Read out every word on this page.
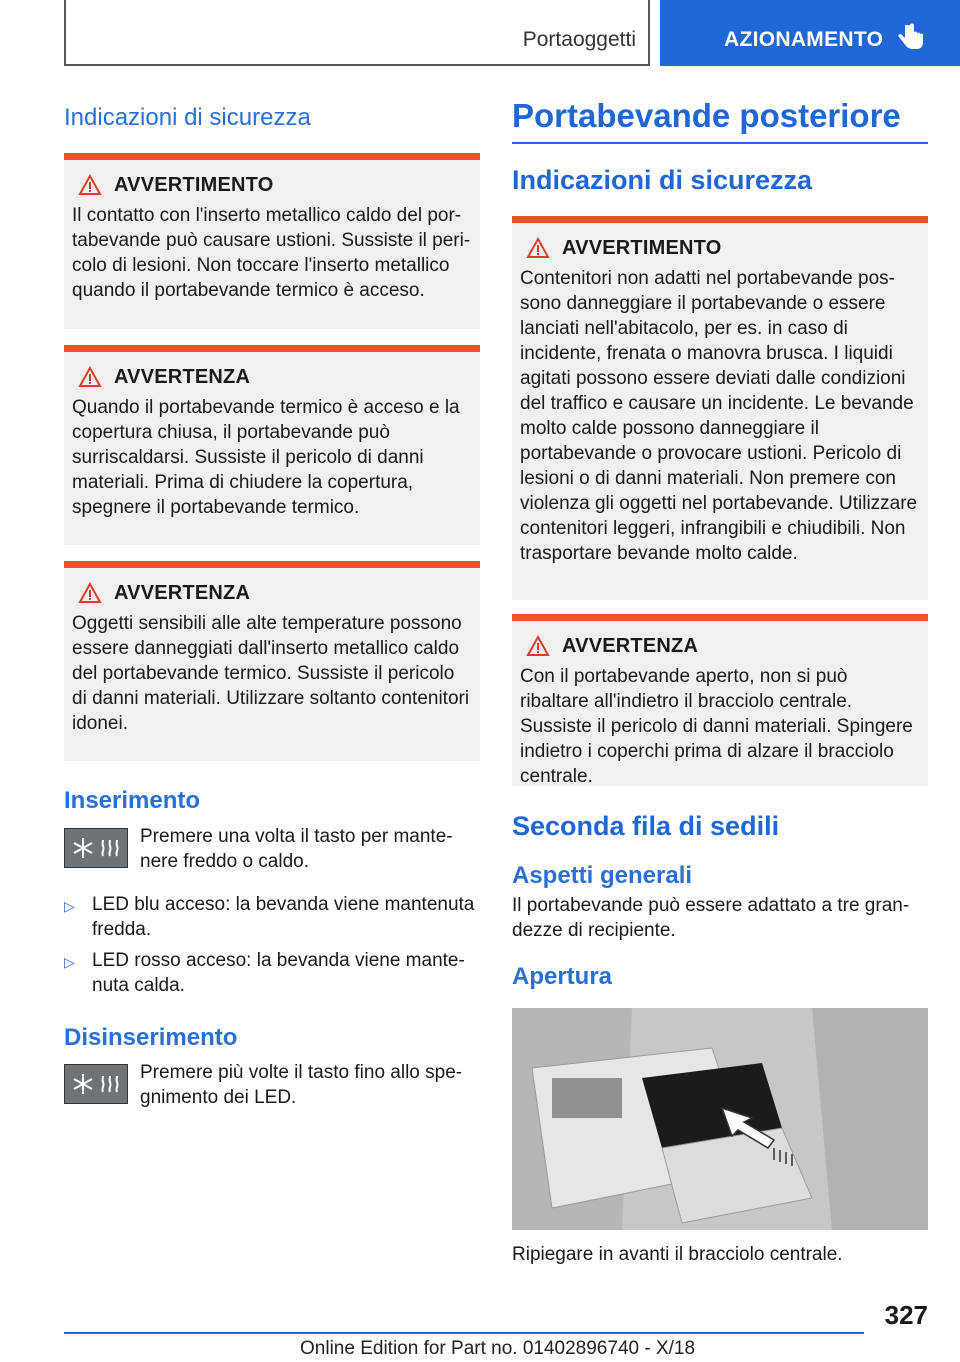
Portaoggetti	AZIONAMENTO
Indicazioni di sicurezza
AVVERTIMENTO

Il contatto con l'inserto metallico caldo del portabevande può causare ustioni. Sussiste il pericolo di lesioni. Non toccare l'inserto metallico quando il portabevande termico è acceso.

AVVERTENZA

Quando il portabevande termico è acceso e la copertura chiusa, il portabevande può surriscaldarsi. Sussiste il pericolo di danni materiali. Prima di chiudere la copertura, spegnere il portabevande termico.

AVVERTENZA

Oggetti sensibili alle alte temperature possono essere danneggiati dall'inserto metallico caldo del portabevande termico. Sussiste il pericolo di danni materiali. Utilizzare soltanto contenitori idonei.

Inserimento

Premere una volta il tasto per mantenere freddo o caldo.

▷ LED blu acceso: la bevanda viene mantenuta fredda.
▷ LED rosso acceso: la bevanda viene mantenuta calda.
Disinserimento

Premere più volte il tasto fino allo spegnimento dei LED.

Portabevande posteriore
Indicazioni di sicurezza
AVVERTIMENTO

Contenitori non adatti nel portabevande possono danneggiare il portabevande o essere lanciati nell'abitacolo, per es. in caso di incidente, frenata o manovra brusca. I liquidi agitati possono essere deviati dalle condizioni del traffico e causare un incidente. Le bevande molto calde possono danneggiare il portabevande o provocare ustioni. Pericolo di lesioni o di danni materiali. Non premere con violenza gli oggetti nel portabevande. Utilizzare contenitori leggeri, infrangibili e chiudibili. Non trasportare bevande molto calde.

AVVERTENZA

Con il portabevande aperto, non si può ribaltare all'indietro il bracciolo centrale. Sussiste il pericolo di danni materiali. Spingere indietro i coperchi prima di alzare il bracciolo centrale.

Seconda fila di sedili
Aspetti generali

Il portabevande può essere adattato a tre grandezze di recipiente.

Apertura

Ripiegare in avanti il bracciolo centrale.

327
Online Edition for Part no. 01402896740 - X/18
